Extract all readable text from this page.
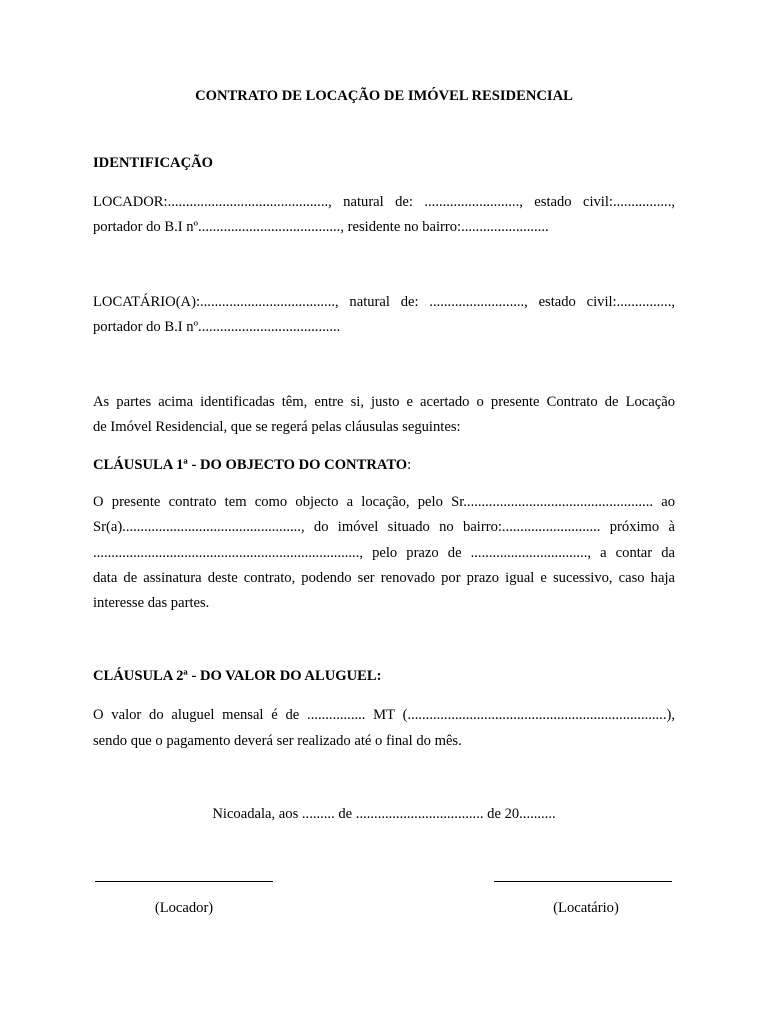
CONTRATO DE LOCAÇÃO DE IMÓVEL RESIDENCIAL
IDENTIFICAÇÃO
LOCADOR:............................................, natural de: .........................., estado civil:................,
portador do B.I nº......................................., residente no bairro:........................
LOCATÁRIO(A):....................................., natural de: .........................., estado civil:...............,
portador do B.I nº.......................................
As partes acima identificadas têm, entre si, justo e acertado o presente Contrato de Locação
de Imóvel Residencial, que se regerá pelas cláusulas seguintes:
CLÁUSULA 1ª - DO OBJECTO DO CONTRATO:
O presente contrato tem como objecto a locação, pelo Sr.................................................... ao
Sr(a)................................................., do imóvel situado no bairro:........................... próximo à
........................................................................., pelo prazo de ................................, a contar da
data de assinatura deste contrato, podendo ser renovado por prazo igual e sucessivo, caso haja
interesse das partes.
CLÁUSULA 2ª - DO VALOR DO ALUGUEL:
O valor do aluguel mensal é de ................ MT (.......................................................................),
sendo que o pagamento deverá ser realizado até o final do mês.
Nicoadala, aos ......... de ................................... de 20..........
(Locador)	(Locatário)
